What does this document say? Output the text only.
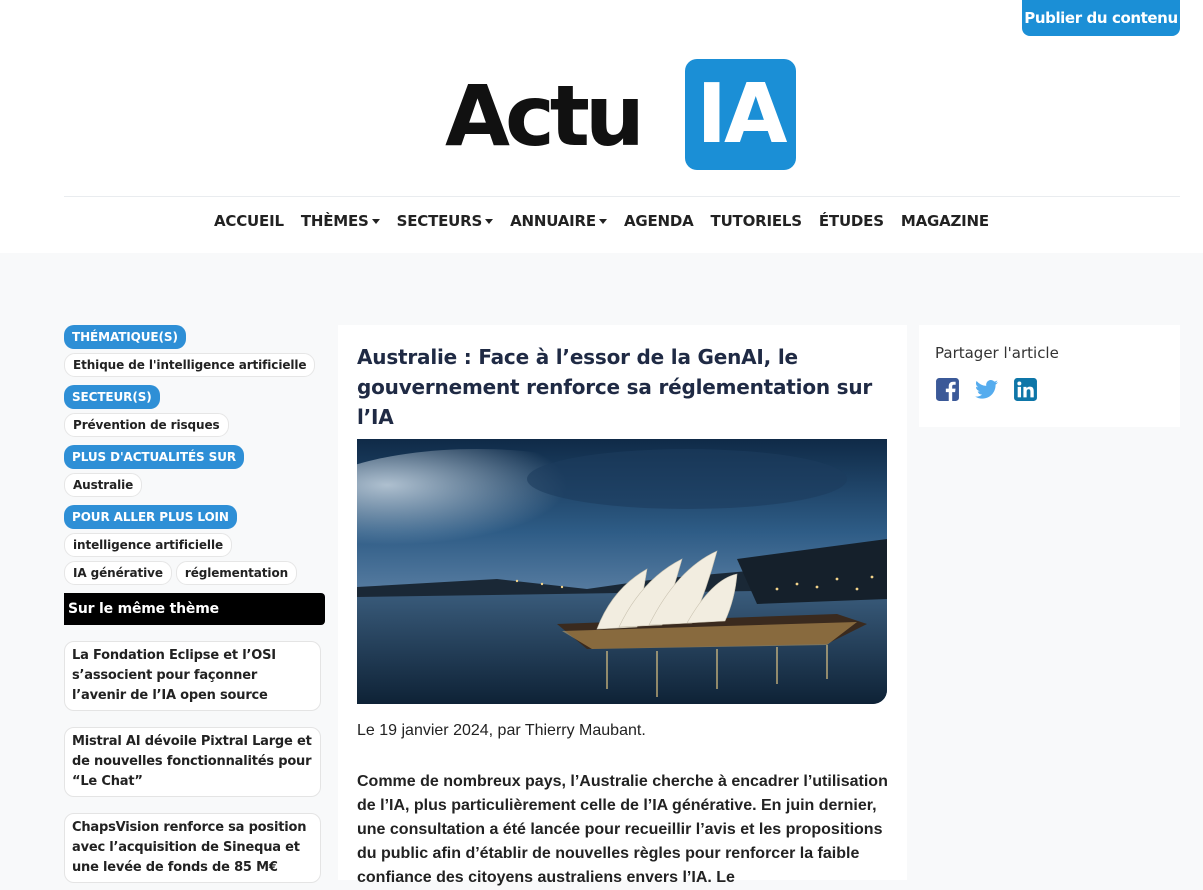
Publier du contenu
Actu IA
ACCUEIL THÈMES SECTEURS ANNUAIRE AGENDA TUTORIELS ÉTUDES MAGAZINE
THÉMATIQUE(S)
Ethique de l'intelligence artificielle
SECTEUR(S)
Prévention de risques
PLUS D'ACTUALITÉS SUR
Australie
POUR ALLER PLUS LOIN
intelligence artificielle
IA générative	réglementation
Sur le même thème
La Fondation Eclipse et l’OSI s’associent pour façonner l’avenir de l’IA open source
Mistral AI dévoile Pixtral Large et de nouvelles fonctionnalités pour “Le Chat”
ChapsVision renforce sa position avec l’acquisition de Sinequa et une levée de fonds de 85 M€
Australie : Face à l’essor de la GenAI, le gouvernement renforce sa réglementation sur l’IA
Le 19 janvier 2024, par Thierry Maubant.

Comme de nombreux pays, l’Australie cherche à encadrer l’utilisation de l’IA, plus particulièrement celle de l’IA générative. En juin dernier, une consultation a été lancée pour recueillir l’avis et les propositions du public afin d’établir de nouvelles règles pour renforcer la faible confiance des citoyens australiens envers l’IA. Le

Partager l'article
